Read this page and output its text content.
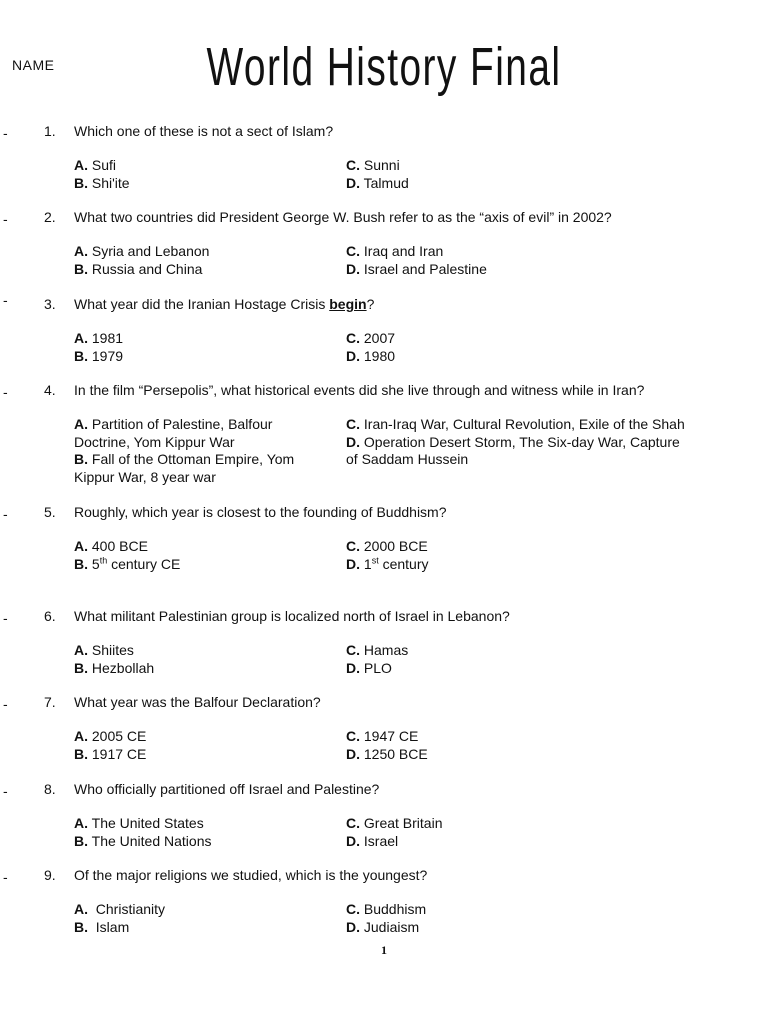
NAME	World History Final
-	1.	Which one of these is not a sect of Islam?
A. Sufi
B. Shi'ite
C. Sunni
D. Talmud
-	2.	What two countries did President George W. Bush refer to as the “axis of evil” in 2002?
A. Syria and Lebanon
B. Russia and China
C. Iraq and Iran
D. Israel and Palestine
-	3.	What year did the Iranian Hostage Crisis begin?
A. 1981
B. 1979
C. 2007
D. 1980
-	4.	In the film “Persepolis”, what historical events did she live through and witness while in Iran?
A. Partition of Palestine, Balfour Doctrine, Yom Kippur War
B. Fall of the Ottoman Empire, Yom Kippur War, 8 year war
C. Iran-Iraq War, Cultural Revolution, Exile of the Shah
D. Operation Desert Storm, The Six-day War, Capture of Saddam Hussein
-	5.	Roughly, which year is closest to the founding of Buddhism?
A. 400 BCE
B. 5th century CE
C. 2000 BCE
D. 1st century
-	6.	What militant Palestinian group is localized north of Israel in Lebanon?
A. Shiites
B. Hezbollah
C. Hamas
D. PLO
-	7.	What year was the Balfour Declaration?
A. 2005 CE
B. 1917 CE
C. 1947 CE
D. 1250 BCE
-	8.	Who officially partitioned off Israel and Palestine?
A. The United States
B. The United Nations
C. Great Britain
D. Israel
-	9.	Of the major religions we studied, which is the youngest?
A. Christianity
B. Islam
C. Buddhism
D. Judiaism
1
